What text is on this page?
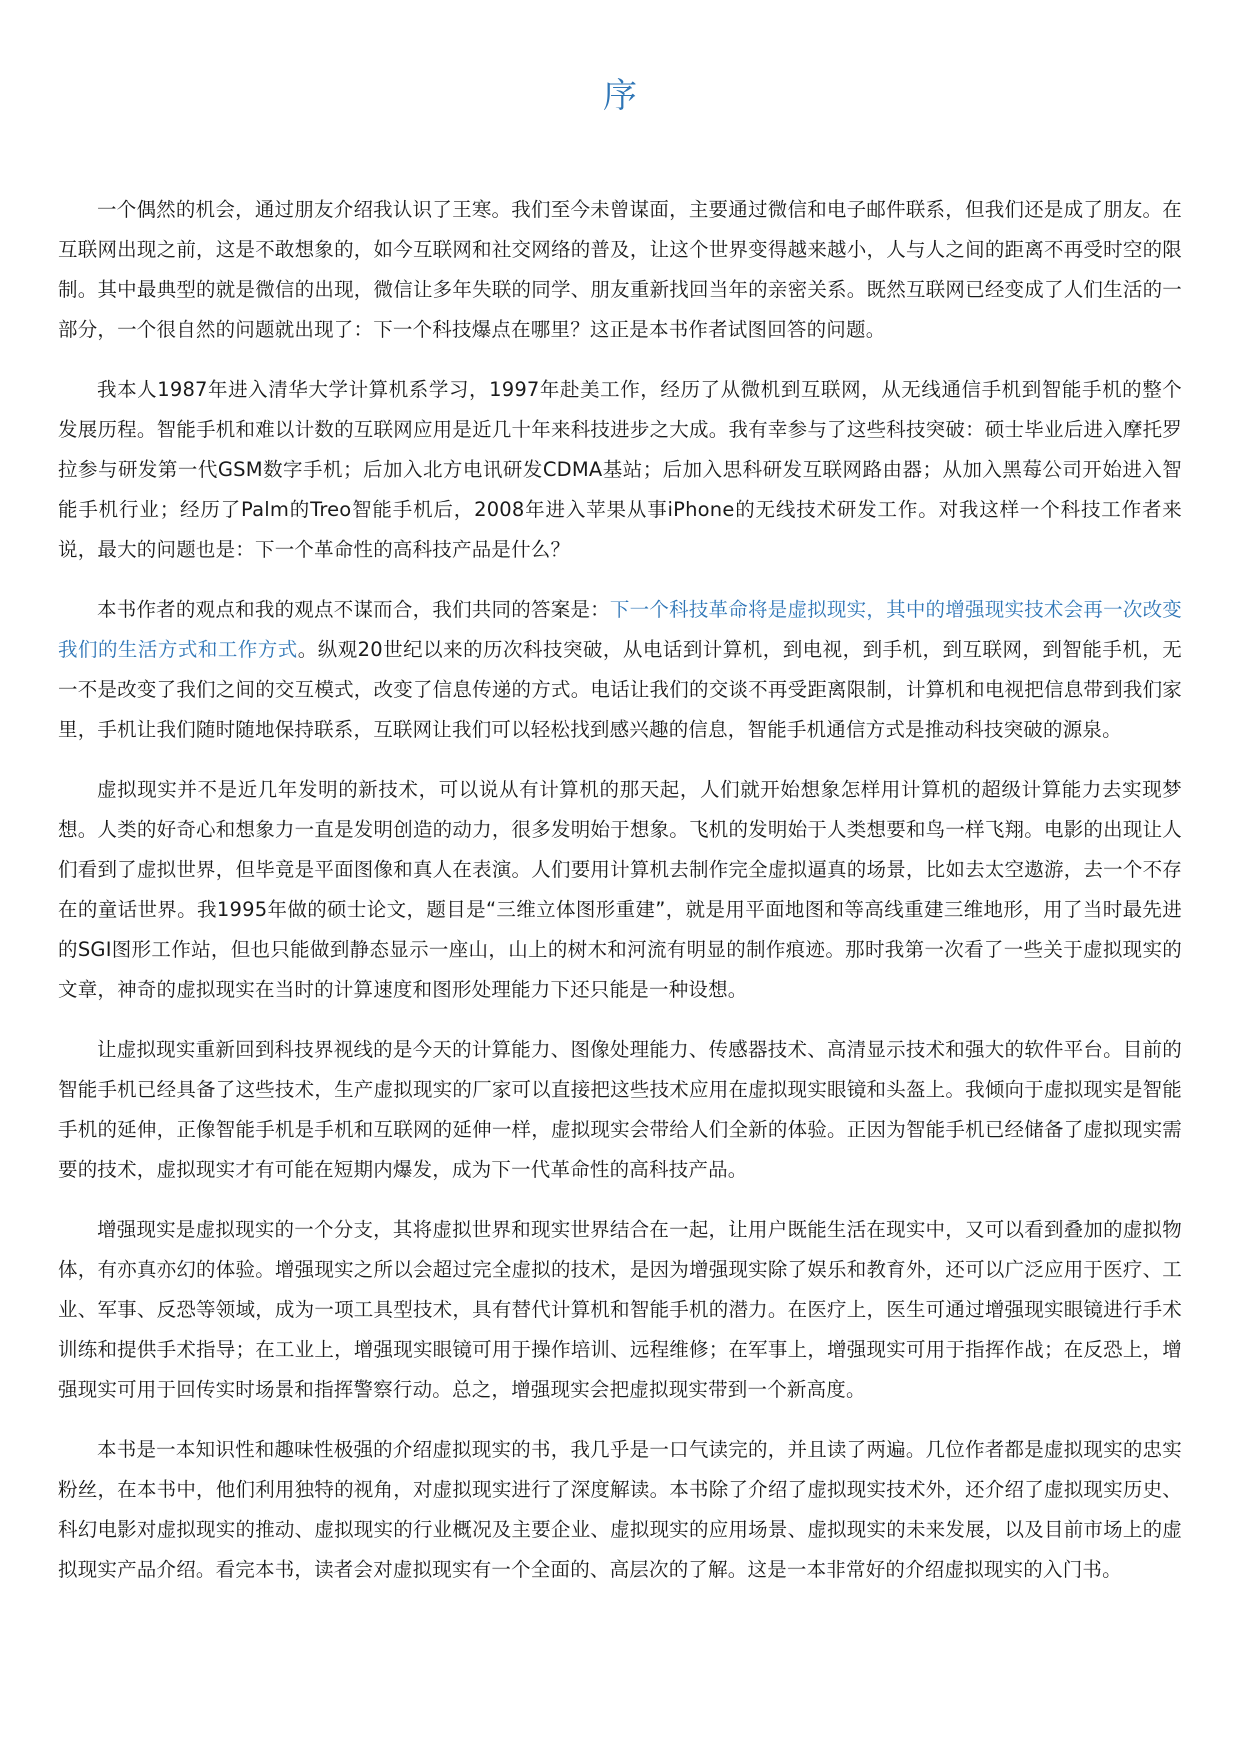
序

一个偶然的机会，通过朋友介绍我认识了王寒。我们至今未曾谋面，主要通过微信和电子邮件联系，但我们还是成了朋友。在互联网出现之前，这是不敢想象的，如今互联网和社交网络的普及，让这个世界变得越来越小，人与人之间的距离不再受时空的限制。其中最典型的就是微信的出现，微信让多年失联的同学、朋友重新找回当年的亲密关系。既然互联网已经变成了人们生活的一部分，一个很自然的问题就出现了：下一个科技爆点在哪里？这正是本书作者试图回答的问题。

我本人1987年进入清华大学计算机系学习，1997年赴美工作，经历了从微机到互联网，从无线通信手机到智能手机的整个发展历程。智能手机和难以计数的互联网应用是近几十年来科技进步之大成。我有幸参与了这些科技突破：硕士毕业后进入摩托罗拉参与研发第一代GSM数字手机；后加入北方电讯研发CDMA基站；后加入思科研发互联网路由器；从加入黑莓公司开始进入智能手机行业；经历了Palm的Treo智能手机后，2008年进入苹果从事iPhone的无线技术研发工作。对我这样一个科技工作者来说，最大的问题也是：下一个革命性的高科技产品是什么？

本书作者的观点和我的观点不谋而合，我们共同的答案是：下一个科技革命将是虚拟现实，其中的增强现实技术会再一次改变我们的生活方式和工作方式。纵观20世纪以来的历次科技突破，从电话到计算机，到电视，到手机，到互联网，到智能手机，无一不是改变了我们之间的交互模式，改变了信息传递的方式。电话让我们的交谈不再受距离限制，计算机和电视把信息带到我们家里，手机让我们随时随地保持联系，互联网让我们可以轻松找到感兴趣的信息，智能手机通信方式是推动科技突破的源泉。

虚拟现实并不是近几年发明的新技术，可以说从有计算机的那天起，人们就开始想象怎样用计算机的超级计算能力去实现梦想。人类的好奇心和想象力一直是发明创造的动力，很多发明始于想象。飞机的发明始于人类想要和鸟一样飞翔。电影的出现让人们看到了虚拟世界，但毕竟是平面图像和真人在表演。人们要用计算机去制作完全虚拟逼真的场景，比如去太空遨游，去一个不存在的童话世界。我1995年做的硕士论文，题目是“三维立体图形重建”，就是用平面地图和等高线重建三维地形，用了当时最先进的SGI图形工作站，但也只能做到静态显示一座山，山上的树木和河流有明显的制作痕迹。那时我第一次看了一些关于虚拟现实的文章，神奇的虚拟现实在当时的计算速度和图形处理能力下还只能是一种设想。

让虚拟现实重新回到科技界视线的是今天的计算能力、图像处理能力、传感器技术、高清显示技术和强大的软件平台。目前的智能手机已经具备了这些技术，生产虚拟现实的厂家可以直接把这些技术应用在虚拟现实眼镜和头盔上。我倾向于虚拟现实是智能手机的延伸，正像智能手机是手机和互联网的延伸一样，虚拟现实会带给人们全新的体验。正因为智能手机已经储备了虚拟现实需要的技术，虚拟现实才有可能在短期内爆发，成为下一代革命性的高科技产品。

增强现实是虚拟现实的一个分支，其将虚拟世界和现实世界结合在一起，让用户既能生活在现实中，又可以看到叠加的虚拟物体，有亦真亦幻的体验。增强现实之所以会超过完全虚拟的技术，是因为增强现实除了娱乐和教育外，还可以广泛应用于医疗、工业、军事、反恐等领域，成为一项工具型技术，具有替代计算机和智能手机的潜力。在医疗上，医生可通过增强现实眼镜进行手术训练和提供手术指导；在工业上，增强现实眼镜可用于操作培训、远程维修；在军事上，增强现实可用于指挥作战；在反恐上，增强现实可用于回传实时场景和指挥警察行动。总之，增强现实会把虚拟现实带到一个新高度。

本书是一本知识性和趣味性极强的介绍虚拟现实的书，我几乎是一口气读完的，并且读了两遍。几位作者都是虚拟现实的忠实粉丝，在本书中，他们利用独特的视角，对虚拟现实进行了深度解读。本书除了介绍了虚拟现实技术外，还介绍了虚拟现实历史、科幻电影对虚拟现实的推动、虚拟现实的行业概况及主要企业、虚拟现实的应用场景、虚拟现实的未来发展，以及目前市场上的虚拟现实产品介绍。看完本书，读者会对虚拟现实有一个全面的、高层次的了解。这是一本非常好的介绍虚拟现实的入门书。
